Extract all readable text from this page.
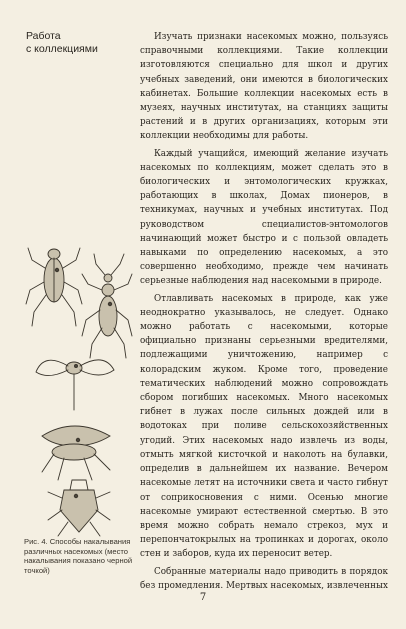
Работа
с коллекциями

Изучать признаки насекомых можно, пользуясь справочными коллекциями. Такие коллекции изготовляются специально для школ и других учебных заведений, они имеются в биологических кабинетах. Большие коллекции насекомых есть в музеях, научных институтах, на станциях защиты растений и в других организациях, которым эти коллекции необходимы для работы.

Каждый учащийся, имеющий желание изучать насекомых по коллекциям, может сделать это в биологических и энтомологических кружках, работающих в школах, Домах пионеров, в техникумах, научных и учебных институтах. Под руководством специалистов-энтомологов начинающий может быстро и с пользой овладеть навыками по определению насекомых, а это совершенно необходимо, прежде чем начинать серьезные наблюдения над насекомыми в природе.

Отлавливать насекомых в природе, как уже неоднократно указывалось, не следует. Однако можно работать с насекомыми, которые официально признаны серьезными вредителями, подлежащими уничтожению, например с колорадским жуком. Кроме того, проведение тематических наблюдений можно сопровождать сбором погибших насекомых. Много насекомых гибнет в лужах после сильных дождей или в водотоках при поливе сельскохозяйственных угодий. Этих насекомых надо извлечь из воды, отмыть мягкой кисточкой и наколоть на булавки, определив в дальнейшем их название. Вечером насекомые летят на источники света и часто гибнут от соприкосновения с ними. Осенью многие насекомые умирают естественной смертью. В это время можно собрать немало стрекоз, мух и перепончатокрылых на тропинках и дорогах, около стен и заборов, куда их переносит ветер.

Собранные материалы надо приводить в порядок без промедления. Мертвых насекомых, извлеченных

Рис. 4. Способы накалывания различных насекомых (место накалывания показано черной точкой)
7
